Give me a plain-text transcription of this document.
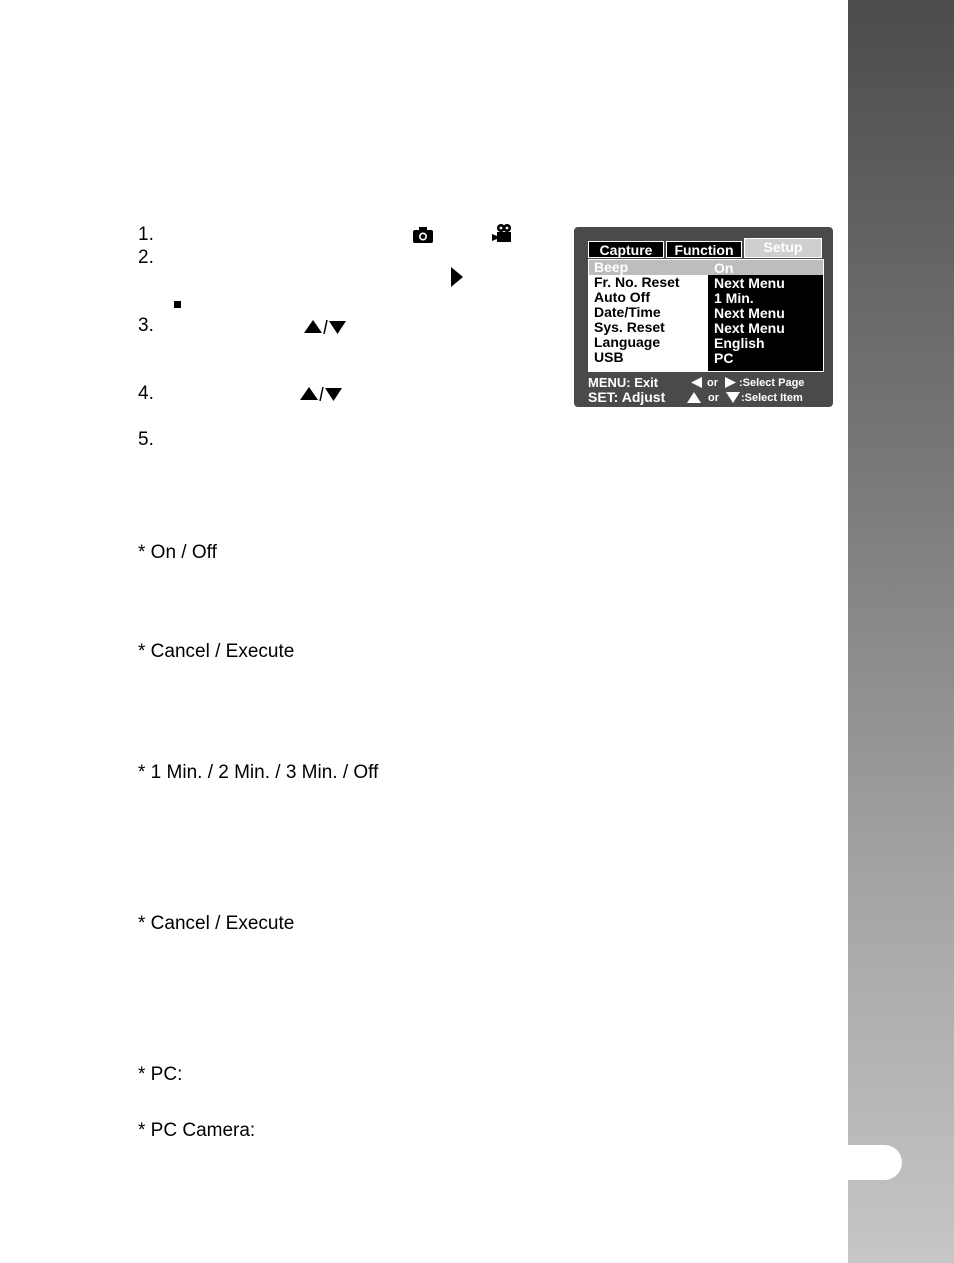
1.
2.
3.
4.
5.
Capture	Function	Setup
Beep
Fr. No. Reset
Auto Off
Date/Time
Sys. Reset
Language
USB
On
Next Menu
1 Min.
Next Menu
Next Menu
English
PC
MENU: Exit
SET: Adjust
or :Select Page
or :Select Item
* On / Off
* Cancel / Execute
* 1 Min. / 2 Min. / 3 Min. / Off
* Cancel / Execute
* PC:
* PC Camera:
